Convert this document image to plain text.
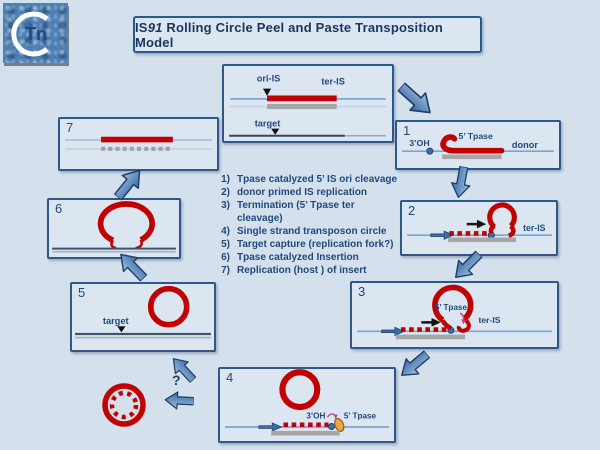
Tn	IS91 Rolling Circle Peel and Paste Transposition Model
ori-IS	ter-IS
target	1
3’OH
5’ Tpase
donor
2
ter-IS
3
5’ Tpase
ter-IS
4
3’OH 5’ Tpase
5
target
6
7
1) Tpase catalyzed 5’ IS ori cleavage
2) donor primed IS replication
3) Termination (5’ Tpase ter cleavage)
4) Single strand transposon circle
5) Target capture (replication fork?)
6) Tpase catalyzed Insertion
7) Replication (host ) of insert
?
